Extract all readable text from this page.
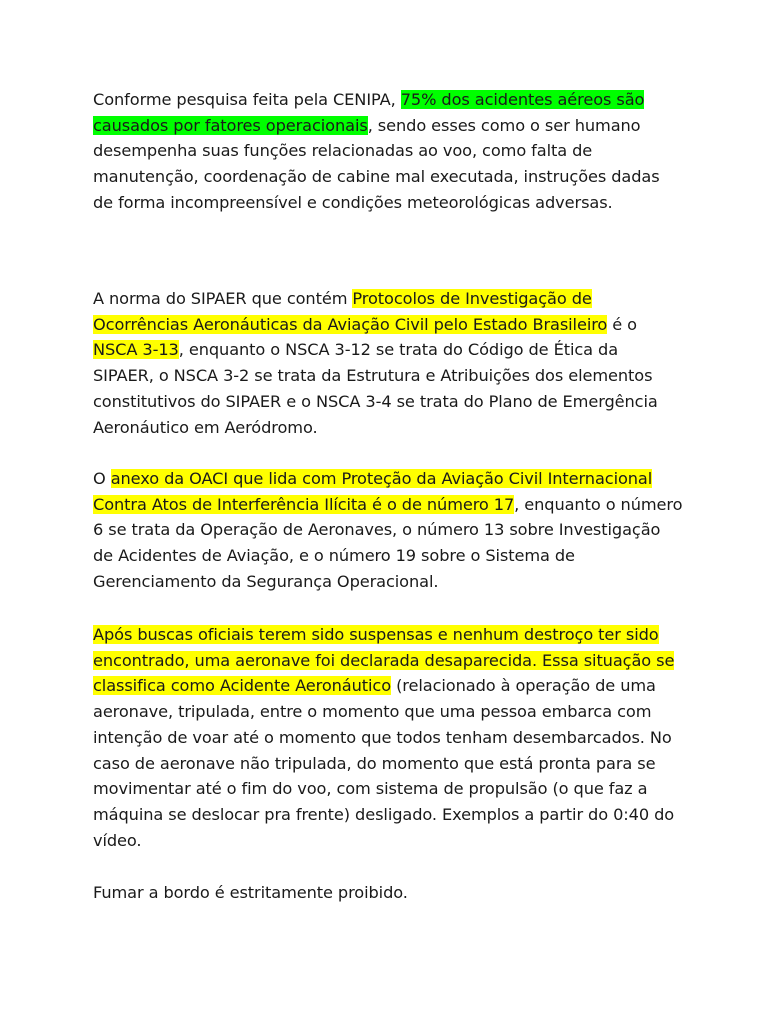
Conforme pesquisa feita pela CENIPA, 75% dos acidentes aéreos são causados por fatores operacionais, sendo esses como o ser humano desempenha suas funções relacionadas ao voo, como falta de manutenção, coordenação de cabine mal executada, instruções dadas de forma incompreensível e condições meteorológicas adversas.

A norma do SIPAER que contém Protocolos de Investigação de Ocorrências Aeronáuticas da Aviação Civil pelo Estado Brasileiro é o NSCA 3-13, enquanto o NSCA 3-12 se trata do Código de Ética da SIPAER, o NSCA 3-2 se trata da Estrutura e Atribuições dos elementos constitutivos do SIPAER e o NSCA 3-4 se trata do Plano de Emergência Aeronáutico em Aeródromo.

O anexo da OACI que lida com Proteção da Aviação Civil Internacional Contra Atos de Interferência Ilícita é o de número 17, enquanto o número 6 se trata da Operação de Aeronaves, o número 13 sobre Investigação de Acidentes de Aviação, e o número 19 sobre o Sistema de Gerenciamento da Segurança Operacional.

Após buscas oficiais terem sido suspensas e nenhum destroço ter sido encontrado, uma aeronave foi declarada desaparecida. Essa situação se classifica como Acidente Aeronáutico (relacionado à operação de uma aeronave, tripulada, entre o momento que uma pessoa embarca com intenção de voar até o momento que todos tenham desembarcados. No caso de aeronave não tripulada, do momento que está pronta para se movimentar até o fim do voo, com sistema de propulsão (o que faz a máquina se deslocar pra frente) desligado. Exemplos a partir do 0:40 do vídeo.

Fumar a bordo é estritamente proibido.
